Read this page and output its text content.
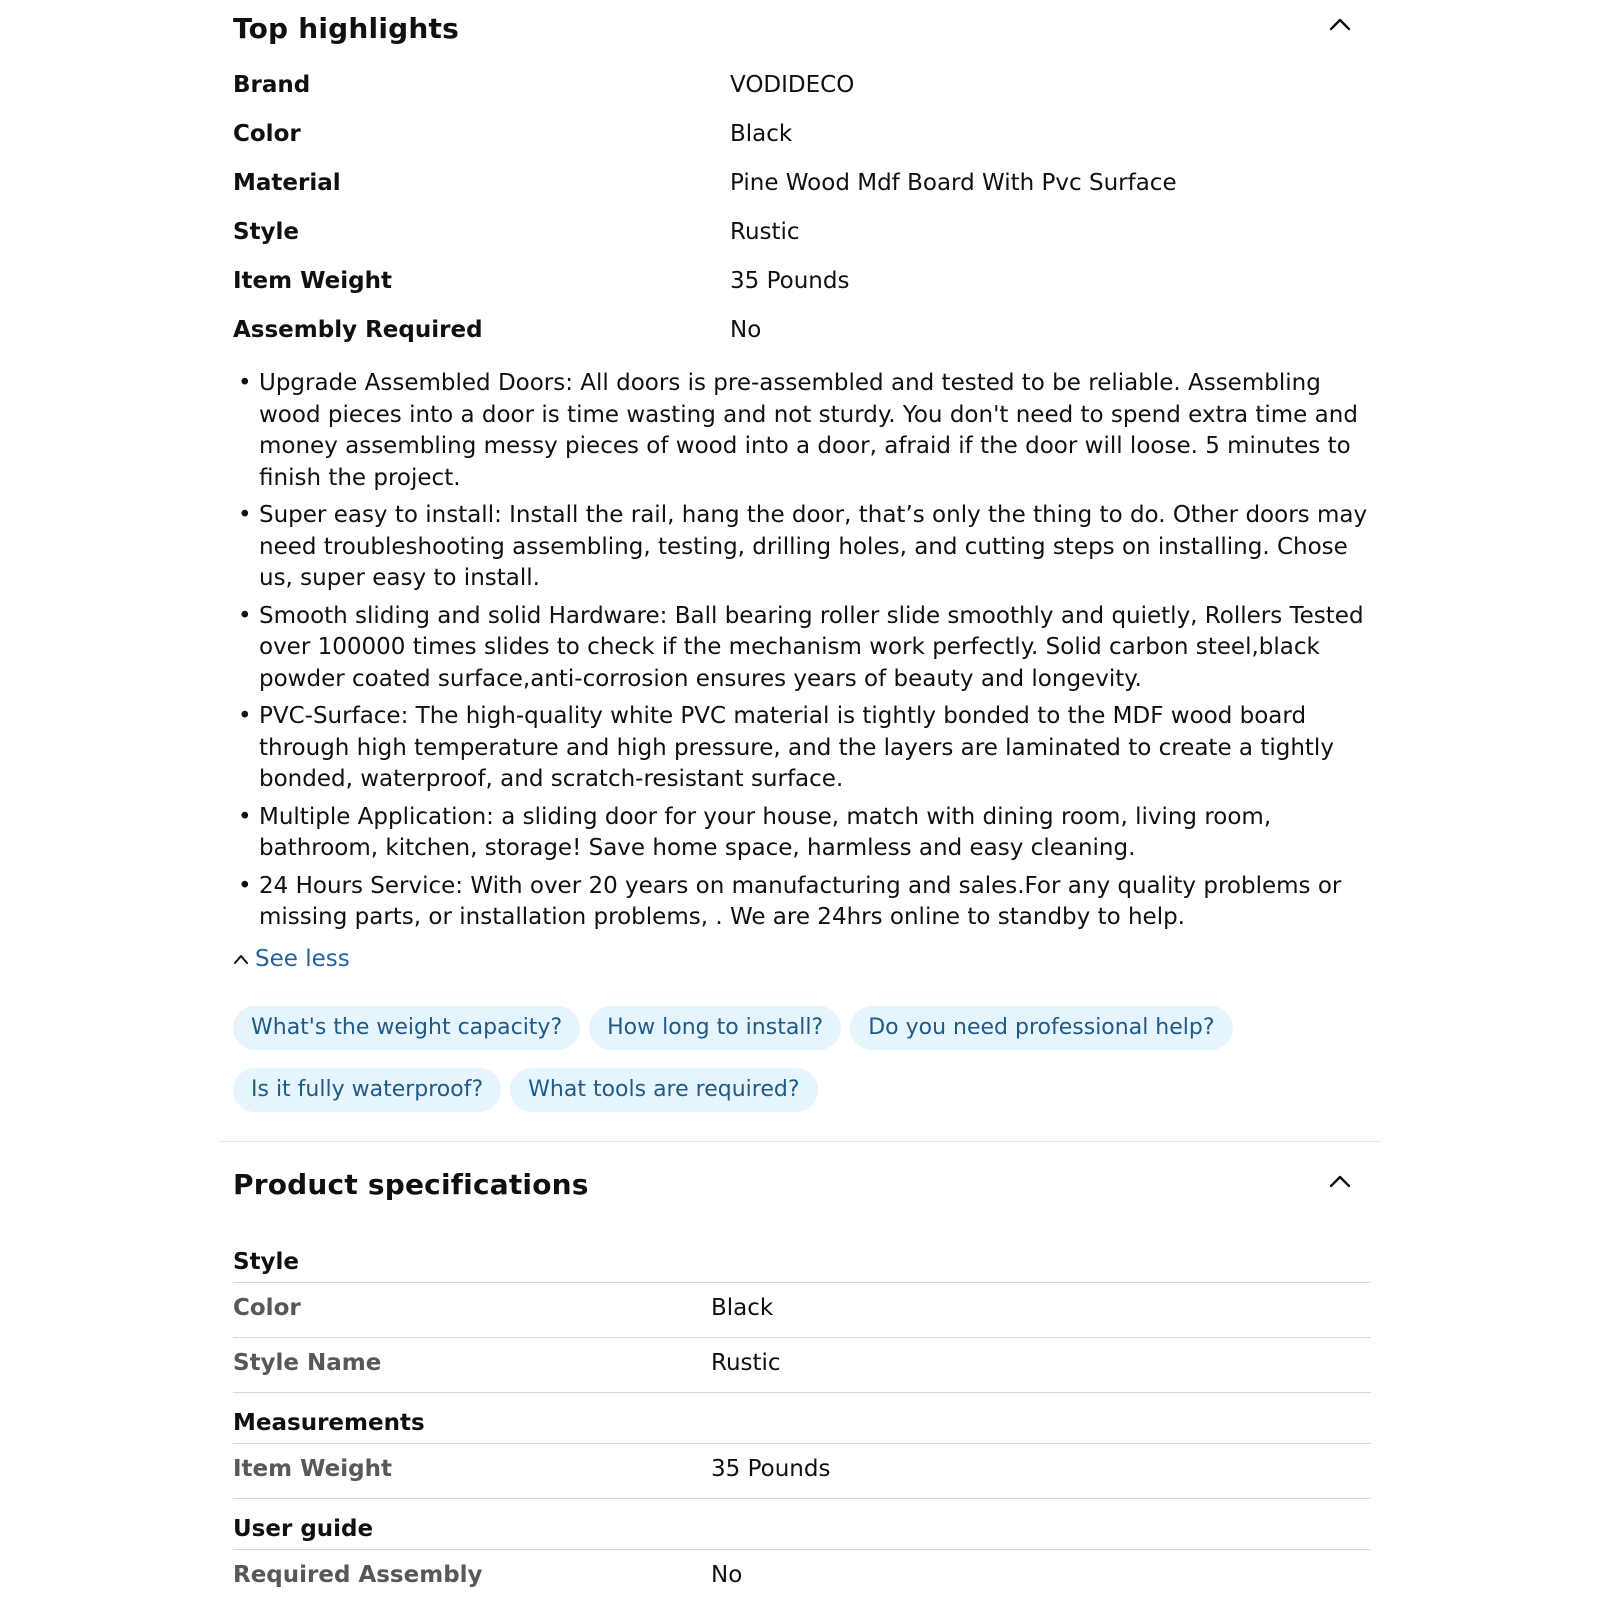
Top highlights
Brand	VODIDECO
Color	Black
Material	Pine Wood Mdf Board With Pvc Surface
Style	Rustic
Item Weight	35 Pounds
Assembly Required	No
• Upgrade Assembled Doors: All doors is pre-assembled and tested to be reliable. Assembling wood pieces into a door is time wasting and not sturdy. You don't need to spend extra time and money assembling messy pieces of wood into a door, afraid if the door will loose. 5 minutes to finish the project.
• Super easy to install: Install the rail, hang the door, that’s only the thing to do. Other doors may need troubleshooting assembling, testing, drilling holes, and cutting steps on installing. Chose us, super easy to install.
• Smooth sliding and solid Hardware: Ball bearing roller slide smoothly and quietly, Rollers Tested over 100000 times slides to check if the mechanism work perfectly. Solid carbon steel,black powder coated surface,anti-corrosion ensures years of beauty and longevity.
• PVC-Surface: The high-quality white PVC material is tightly bonded to the MDF wood board through high temperature and high pressure, and the layers are laminated to create a tightly bonded, waterproof, and scratch-resistant surface.
• Multiple Application: a sliding door for your house, match with dining room, living room, bathroom, kitchen, storage! Save home space, harmless and easy cleaning.
• 24 Hours Service: With over 20 years on manufacturing and sales.For any quality problems or missing parts, or installation problems, . We are 24hrs online to standby to help.
See less
What's the weight capacity?	How long to install?	Do you need professional help?
Is it fully waterproof?	What tools are required?
Product specifications
Style
Color	Black
Style Name	Rustic
Measurements
Item Weight	35 Pounds
User guide
Required Assembly	No
